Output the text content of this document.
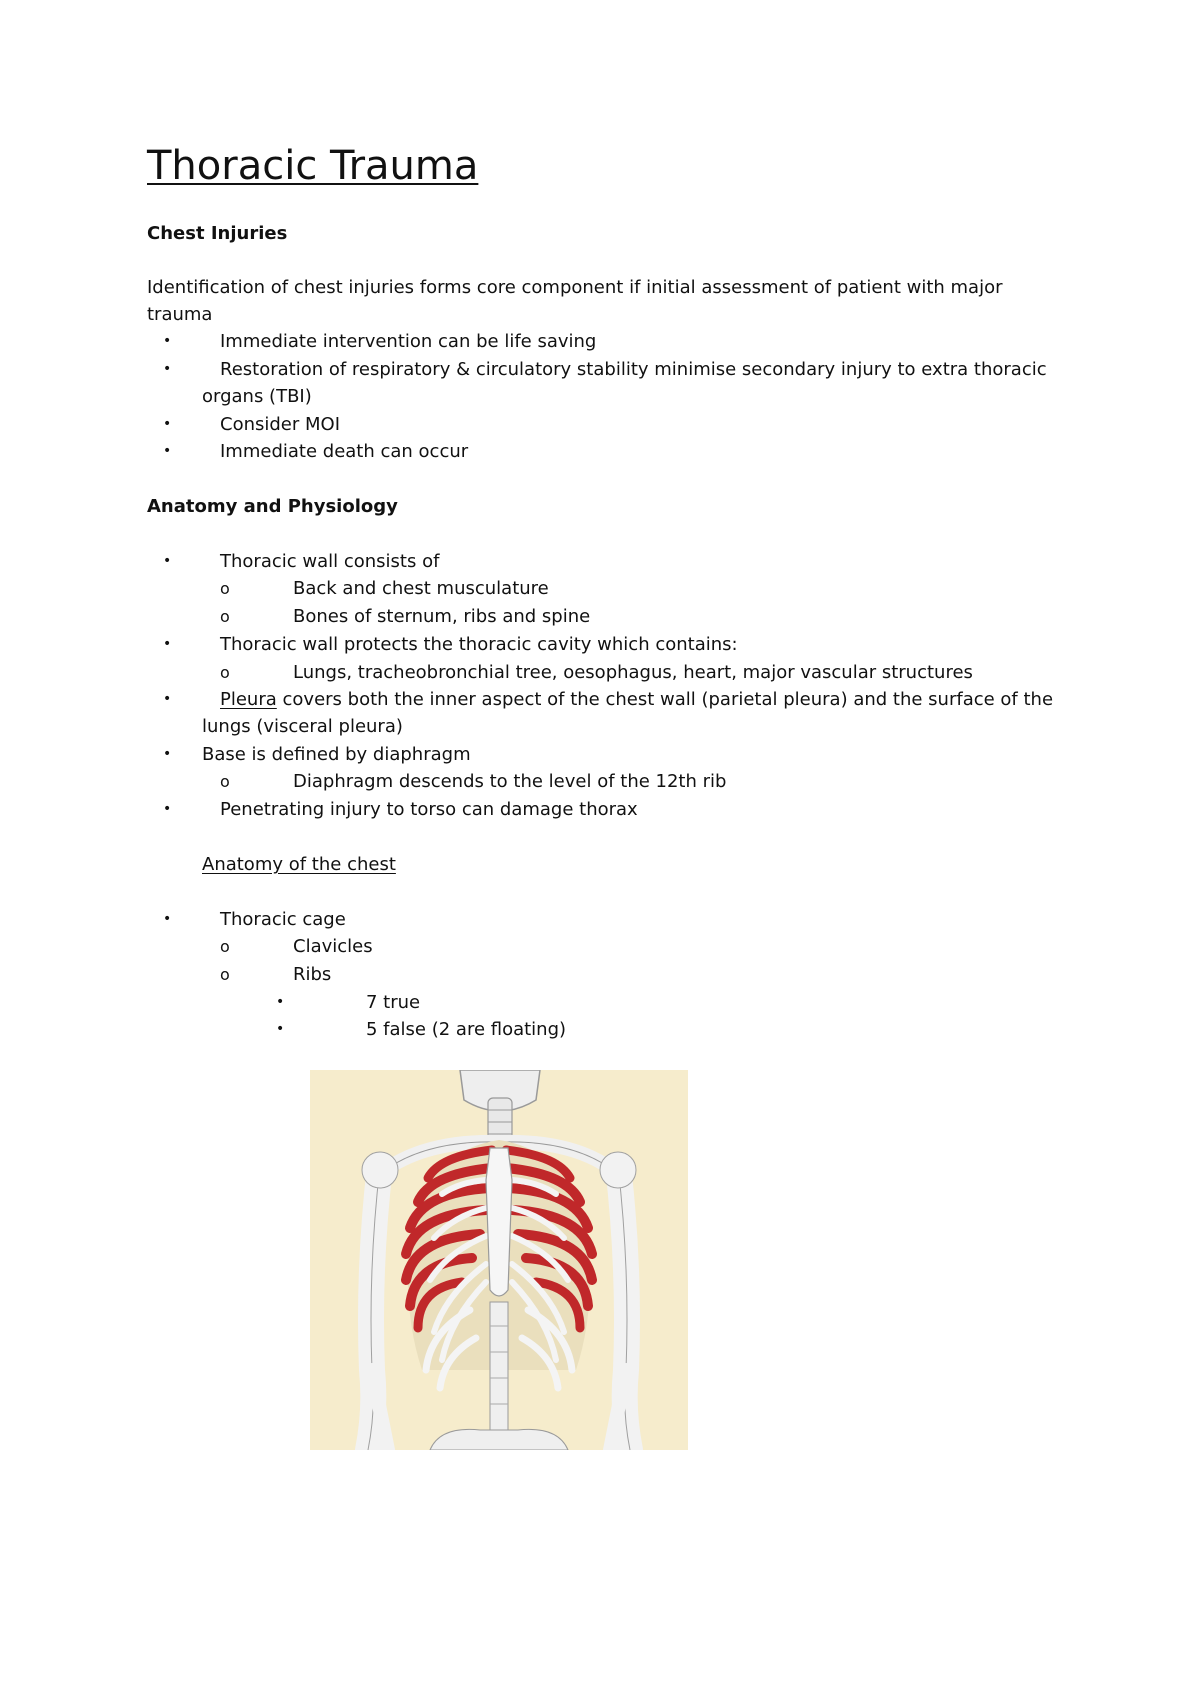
Thoracic Trauma
Chest Injuries
Identification of chest injuries forms core component if initial assessment of patient with major
trauma
•	Immediate intervention can be life saving
•	Restoration of respiratory & circulatory stability minimise secondary injury to extra thoracic
organs (TBI)
•	Consider MOI
•	Immediate death can occur
Anatomy and Physiology
•	Thoracic wall consists of
o	Back and chest musculature
o	Bones of sternum, ribs and spine
•	Thoracic wall protects the thoracic cavity which contains:
o	Lungs, tracheobronchial tree, oesophagus, heart, major vascular structures
•	Pleura covers both the inner aspect of the chest wall (parietal pleura) and the surface of the
lungs (visceral pleura)
• Base is defined by diaphragm
o	Diaphragm descends to the level of the 12th rib
•	Penetrating injury to torso can damage thorax
Anatomy of the chest
•	Thoracic cage
o	Clavicles
o	Ribs
•	7 true
•	5 false (2 are floating)
